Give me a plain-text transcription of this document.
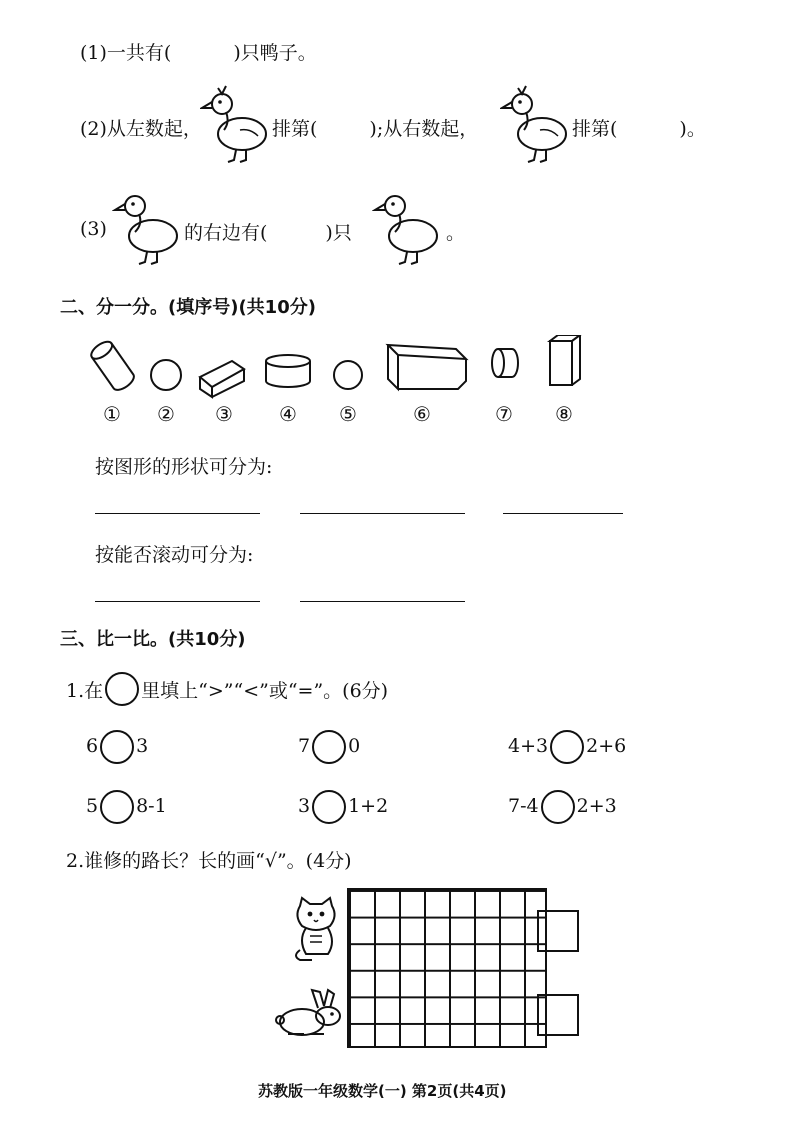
(1)一共有(	)只鸭子。
(2)从左数起，	排第(	);从右数起，	排第(	)。
(3)	的右边有(	)只	。
二、分一分。(填序号)(共10分)
①	②	③	④	⑤	⑥	⑦	⑧
按图形的形状可分为:
按能否滚动可分为:
三、比一比。(共10分)
1.在 里填上“>”“<”或“=”。(6分)
6 3	7 0	4+3 2+6
5 8-1	3 1+2	7-4 2+3
2.谁修的路长？长的画“√”。(4分)
苏教版一年级数学(一) 第2页(共4页)
